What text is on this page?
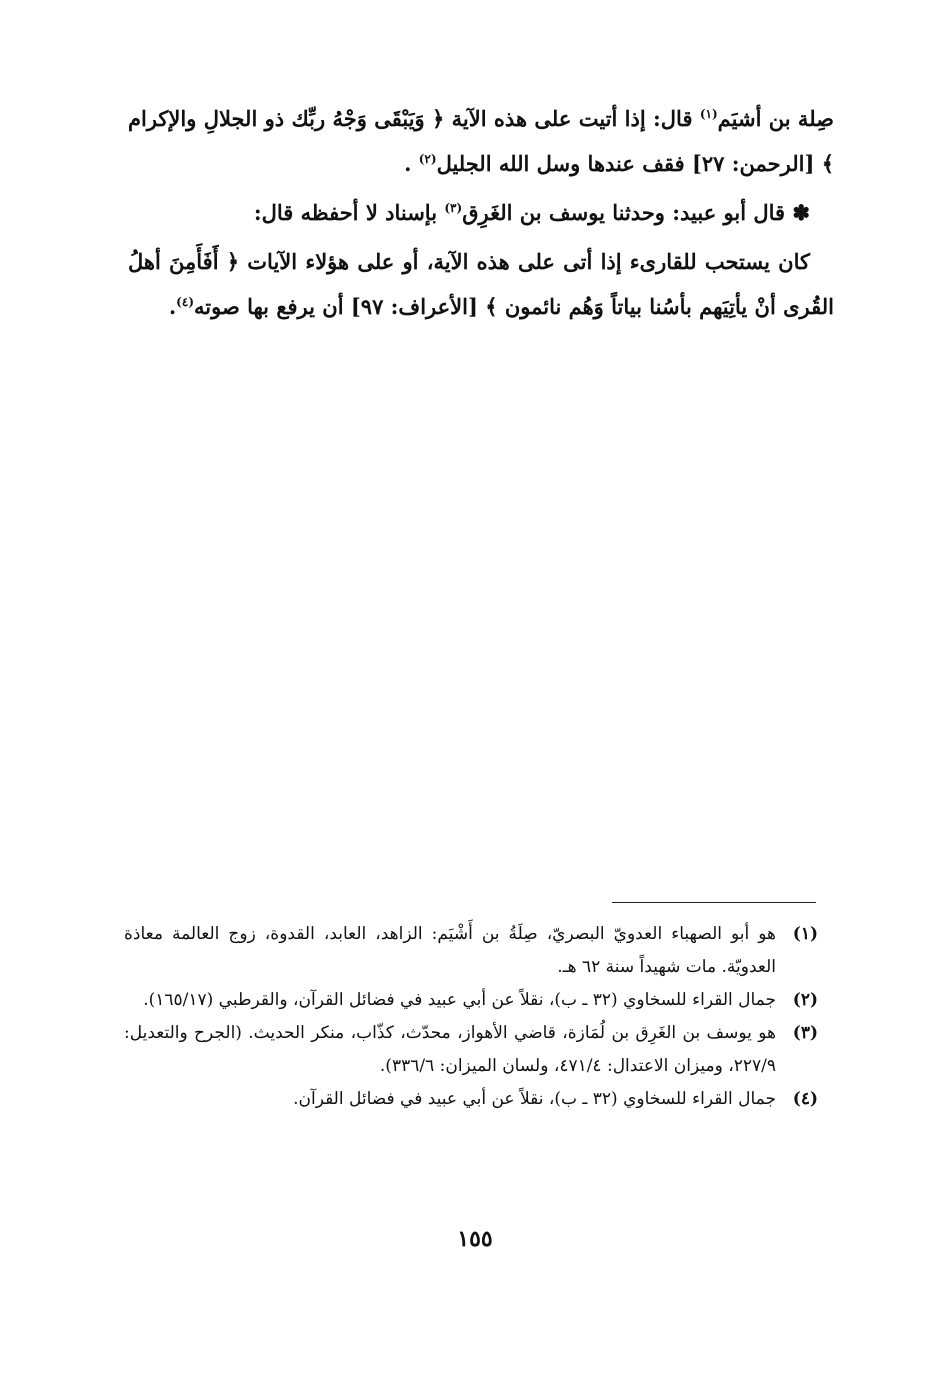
صِلة بن أشيَم$^{(١)}$ قال: إذا أتيت على هذه الآية ﴿ وَيَبْقَى وَجْهُ ربِّك ذو الجلالِ والإكرام ﴾ [الرحمن: ٢٧] فقف عندها وسل الله الجليل$^{(٢)}$ .

✽ قال أبو عبيد: وحدثنا يوسف بن الغَرِق$^{(٣)}$ بإسناد لا أحفظه قال:

كان يستحب للقارىء إذا أتى على هذه الآية، أو على هؤلاء الآيات ﴿ أَفَأَمِنَ أهلُ القُرى أنْ يأتِيَهم بأسُنا بياتاً وَهُم نائمون ﴾ [الأعراف: ٩٧] أن يرفع بها صوته$^{(٤)}$.

(١)
هو أبو الصهباء العدويّ البصريّ، صِلَةُ بن أَشْيَم: الزاهد، العابد، القدوة، زوج العالمة معاذة العدويّة. مات شهيداً سنة ٦٢ هـ.
(٢)
جمال القراء للسخاوي (٣٢ ـ ب)، نقلاً عن أبي عبيد في فضائل القرآن، والقرطبي (١٦٥/١٧).
(٣)
هو يوسف بن الغَرِق بن لُمَازة، قاضي الأهواز، محدّث، كذّاب، منكر الحديث. (الجرح والتعديل: ٢٢٧/٩، وميزان الاعتدال: ٤٧١/٤، ولسان الميزان: ٣٣٦/٦).
(٤)
جمال القراء للسخاوي (٣٢ ـ ب)، نقلاً عن أبي عبيد في فضائل القرآن.
١٥٥
